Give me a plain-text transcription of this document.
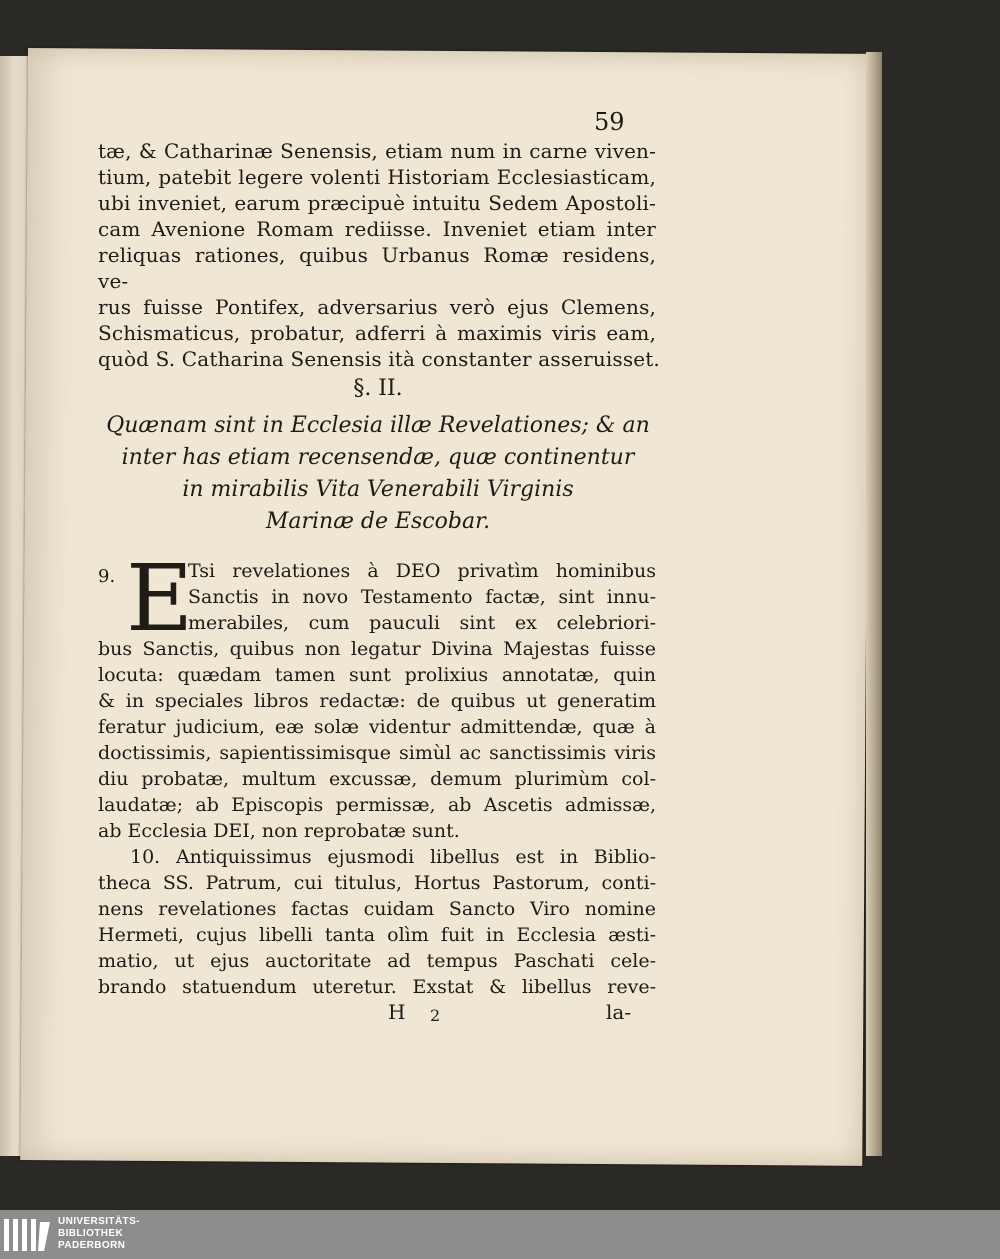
59
tæ, & Catharinæ Senensis, etiam num in carne viven-
tium, patebit legere volenti Historiam Ecclesiasticam,
ubi inveniet, earum præcipuè intuitu Sedem Apostoli-
cam Avenione Romam rediisse. Inveniet etiam inter
reliquas rationes, quibus Urbanus Romæ residens, ve-
rus fuisse Pontifex, adversarius verò ejus Clemens,
Schismaticus, probatur, adferri à maximis viris eam,
quòd S. Catharina Senensis ità constanter asseruisset.
§. II.
Quænam sint in Ecclesia illæ Revelationes; & an
inter has etiam recensendæ, quæ continentur
in mirabilis Vita Venerabili Virginis
Marinæ de Escobar.
9. E
Tsi revelationes à DEO privatìm hominibus
Sanctis in novo Testamento factæ, sint innu-
merabiles, cum pauculi sint ex celebriori-
bus Sanctis, quibus non legatur Divina Majestas fuisse
locuta: quædam tamen sunt prolixius annotatæ, quin
& in speciales libros redactæ: de quibus ut generatim
feratur judicium, eæ solæ videntur admittendæ, quæ à
doctissimis, sapientissimisque simùl ac sanctissimis viris
diu probatæ, multum excussæ, demum plurimùm col-
laudatæ; ab Episcopis permissæ, ab Ascetis admissæ,
ab Ecclesia DEI, non reprobatæ sunt.
10. Antiquissimus ejusmodi libellus est in Biblio-
theca SS. Patrum, cui titulus, Hortus Pastorum, conti-
nens revelationes factas cuidam Sancto Viro nomine
Hermeti, cujus libelli tanta olìm fuit in Ecclesia æsti-
matio, ut ejus auctoritate ad tempus Paschati cele-
brando statuendum uteretur. Exstat & libellus reve-
H 2	la-
UNIVERSITÄTS-
BIBLIOTHEK
PADERBORN
